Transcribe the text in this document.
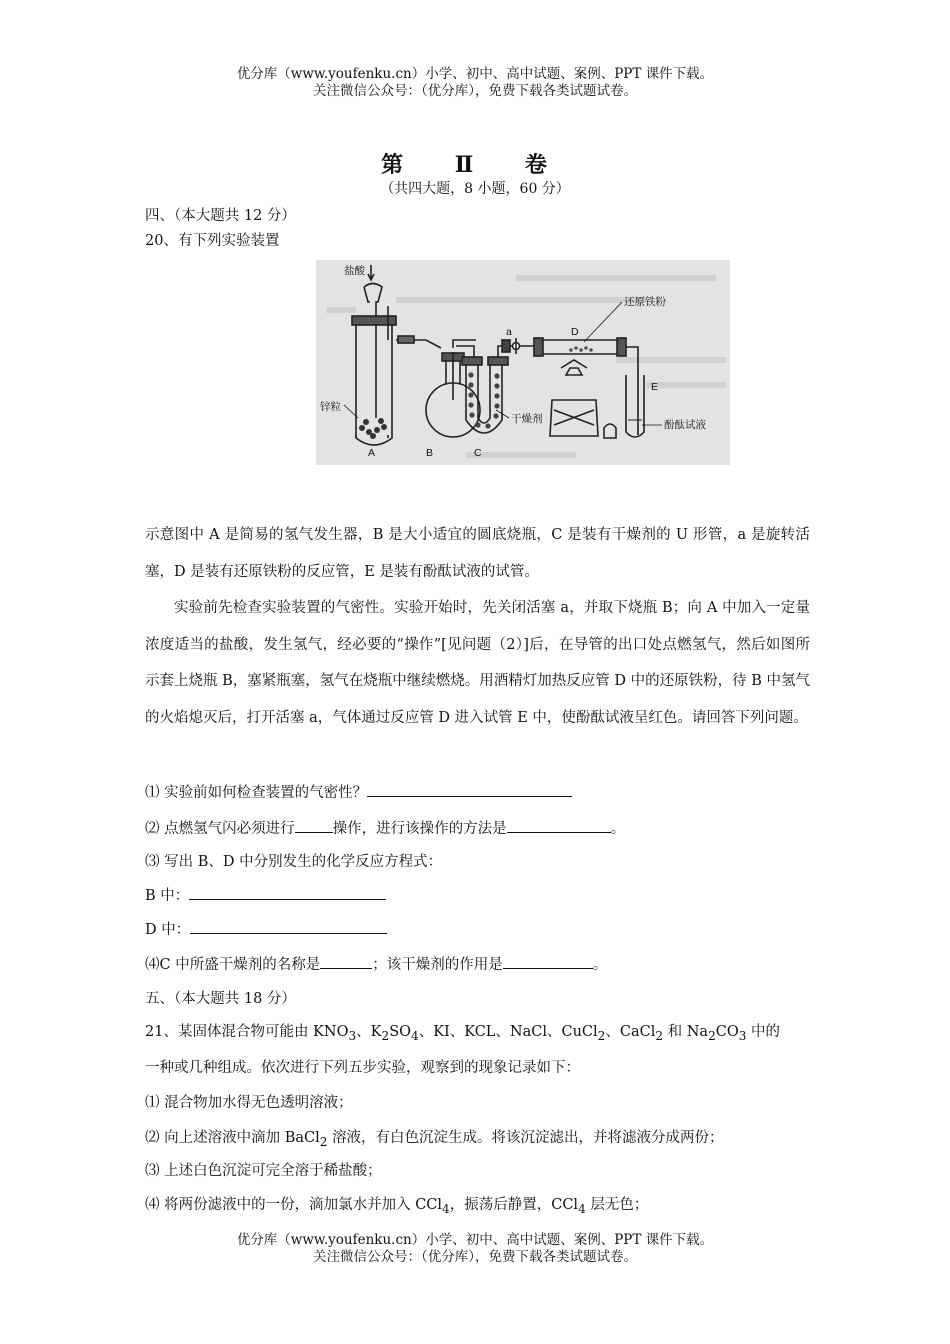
优分库（www.youfenku.cn）小学、初中、高中试题、案例、PPT 课件下载。
关注微信公众号：（优分库），免费下载各类试题试卷。
第 Ⅱ 卷
（共四大题，8 小题，60 分）
四、（本大题共 12 分）
20、有下列实验装置
盐酸
锌粒
还原铁粉
干燥剂	酚酞试液
a
A	B	C
D
E
示意图中 A 是简易的氢气发生器，B 是大小适宜的圆底烧瓶，C 是装有干燥剂的 U 形管，a 是旋转活塞，D 是装有还原铁粉的反应管，E 是装有酚酞试液的试管。
实验前先检查实验装置的气密性。实验开始时，先关闭活塞 a，并取下烧瓶 B；向 A 中加入一定量浓度适当的盐酸，发生氢气，经必要的“操作”[见问题（2）]后，在导管的出口处点燃氢气，然后如图所示套上烧瓶 B，塞紧瓶塞，氢气在烧瓶中继续燃烧。用酒精灯加热反应管 D 中的还原铁粉，待 B 中氢气的火焰熄灭后，打开活塞 a，气体通过反应管 D 进入试管 E 中，使酚酞试液呈红色。请回答下列问题。
⑴ 实验前如何检查装置的气密性？
⑵ 点燃氢气闪必须进行	操作，进行该操作的方法是	。
⑶ 写出 B、D 中分别发生的化学反应方程式：
B 中：
D 中：
⑷C 中所盛干燥剂的名称是	；该干燥剂的作用是	。
五、（本大题共 18 分）
21、某固体混合物可能由 $KNO_3$、$K_2SO_4$、KI、KCL、NaCl、CuCl$_2$、CaCl$_2$ 和 $Na_2CO_3$ 中的
一种或几种组成。依次进行下列五步实验，观察到的现象记录如下：
⑴ 混合物加水得无色透明溶液；
⑵ 向上述溶液中滴加 BaCl$_2$ 溶液，有白色沉淀生成。将该沉淀滤出，并将滤液分成两份；
⑶ 上述白色沉淀可完全溶于稀盐酸；
⑷ 将两份滤液中的一份，滴加氯水并加入 CCl$_4$，振荡后静置，CCl$_4$ 层无色；
优分库（www.youfenku.cn）小学、初中、高中试题、案例、PPT 课件下载。
关注微信公众号：（优分库），免费下载各类试题试卷。
